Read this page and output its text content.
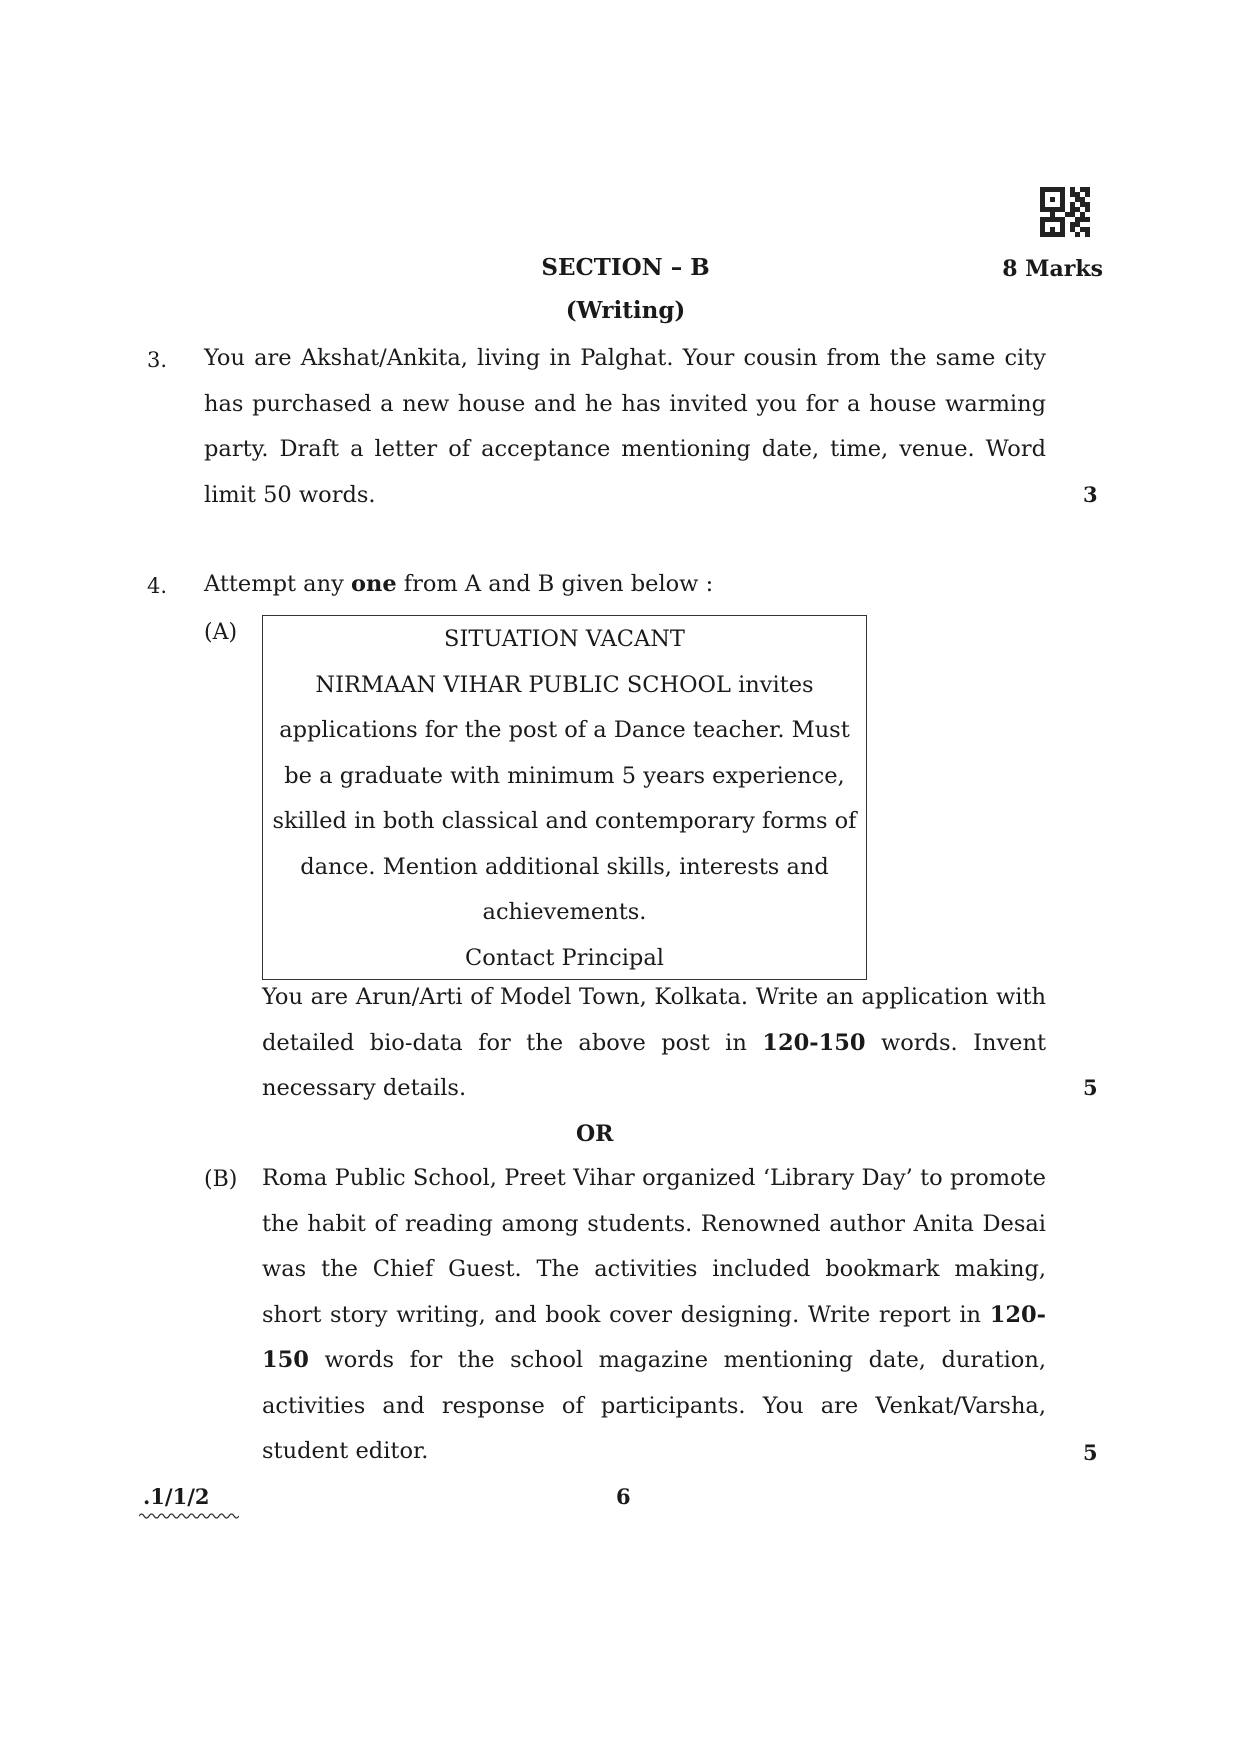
SECTION – B	8 Marks
(Writing)
3. You are Akshat/Ankita, living in Palghat. Your cousin from the same city has purchased a new house and he has invited you for a house warming party. Draft a letter of acceptance mentioning date, time, venue. Word limit 50 words.	3
4. Attempt any one from A and B given below :
(A)	SITUATION VACANT
NIRMAAN VIHAR PUBLIC SCHOOL invites
applications for the post of a Dance teacher. Must
be a graduate with minimum 5 years experience,
skilled in both classical and contemporary forms of
dance. Mention additional skills, interests and
achievements.
Contact Principal
You are Arun/Arti of Model Town, Kolkata. Write an application with detailed bio-data for the above post in 120-150 words. Invent necessary details.	5
OR
(B) Roma Public School, Preet Vihar organized ‘Library Day’ to promote the habit of reading among students. Renowned author Anita Desai was the Chief Guest. The activities included bookmark making, short story writing, and book cover designing. Write report in 120-150 words for the school magazine mentioning date, duration, activities and response of participants. You are Venkat/Varsha, student editor.	5
.1/1/2	6
